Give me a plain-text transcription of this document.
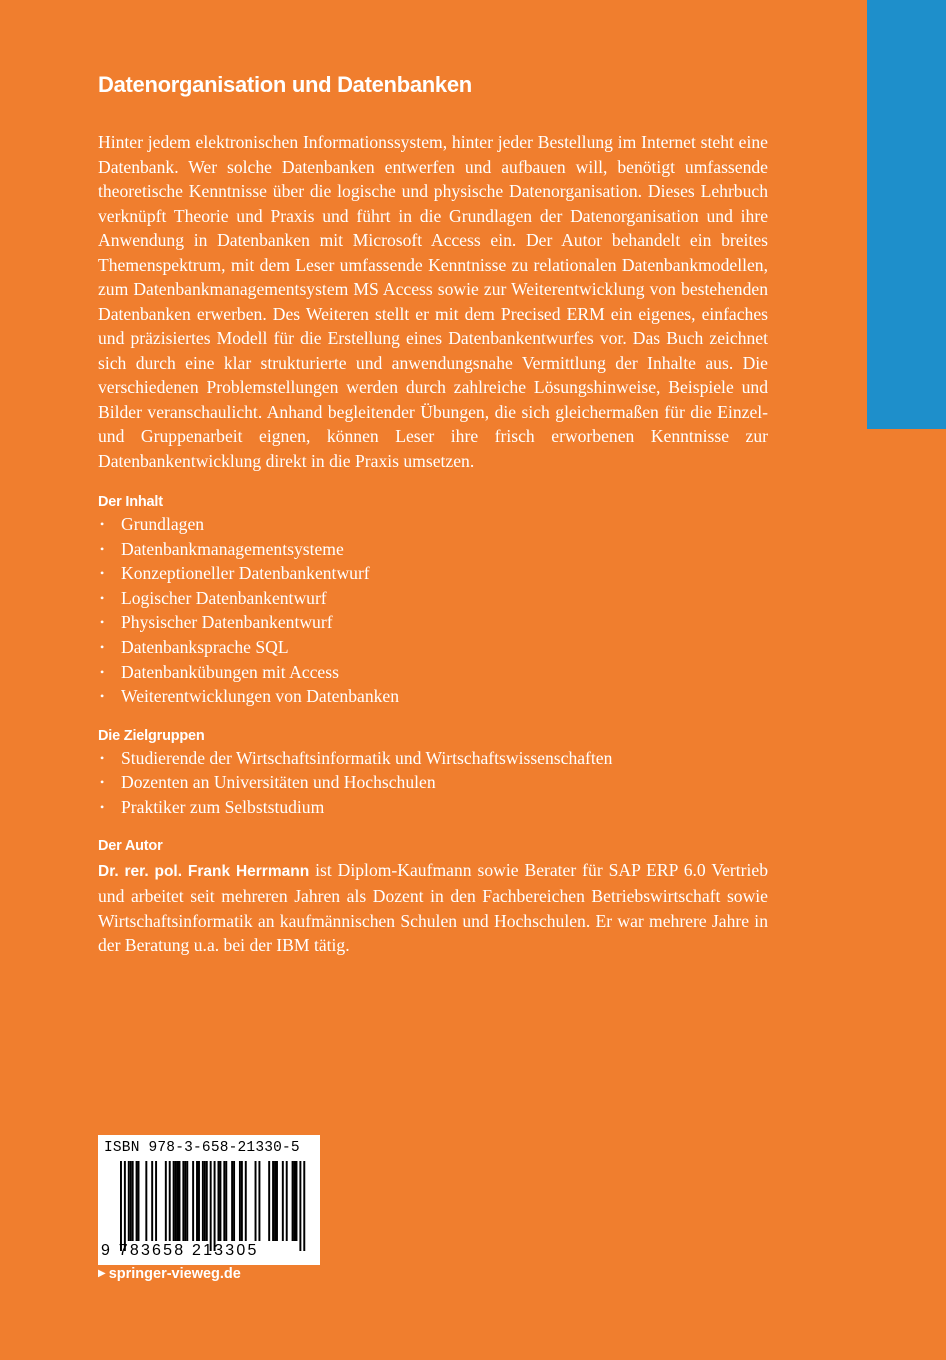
Datenorganisation und Datenbanken

Hinter jedem elektronischen Informationssystem, hinter jeder Bestellung im Internet steht eine Datenbank. Wer solche Datenbanken entwerfen und aufbauen will, benötigt umfassende theoretische Kenntnisse über die logische und physische Datenorganisation. Dieses Lehrbuch verknüpft Theorie und Praxis und führt in die Grundlagen der Datenorganisation und ihre Anwendung in Datenbanken mit Microsoft Access ein. Der Autor behandelt ein breites Themenspektrum, mit dem Leser umfassende Kenntnisse zu relationalen Datenbankmodellen, zum Datenbankmanagementsystem MS Access sowie zur Weiterentwicklung von bestehenden Datenbanken erwerben. Des Weiteren stellt er mit dem Precised ERM ein eigenes, einfaches und präzisiertes Modell für die Erstellung eines Datenbankentwurfes vor. Das Buch zeichnet sich durch eine klar strukturierte und anwendungsnahe Vermittlung der Inhalte aus. Die verschiedenen Problemstellungen werden durch zahlreiche Lösungshinweise, Beispiele und Bilder veranschaulicht. Anhand begleitender Übungen, die sich gleichermaßen für die Einzel- und Gruppenarbeit eignen, können Leser ihre frisch erworbenen Kenntnisse zur Datenbankentwicklung direkt in die Praxis umsetzen.

Der Inhalt
• Grundlagen
• Datenbankmanagementsysteme
• Konzeptioneller Datenbankentwurf
• Logischer Datenbankentwurf
• Physischer Datenbankentwurf
• Datenbanksprache SQL
• Datenbankübungen mit Access
• Weiterentwicklungen von Datenbanken
Die Zielgruppen
• Studierende der Wirtschaftsinformatik und Wirtschaftswissenschaften
• Dozenten an Universitäten und Hochschulen
• Praktiker zum Selbststudium
Der Autor

Dr. rer. pol. Frank Herrmann ist Diplom-Kaufmann sowie Berater für SAP ERP 6.0 Vertrieb und arbeitet seit mehreren Jahren als Dozent in den Fachbereichen Betriebswirtschaft sowie Wirtschaftsinformatik an kaufmännischen Schulen und Hochschulen. Er war mehrere Jahre in der Beratung u.a. bei der IBM tätig.

ISBN 978-3-658-21330-5
9 783658 213305
▶ springer-vieweg.de
